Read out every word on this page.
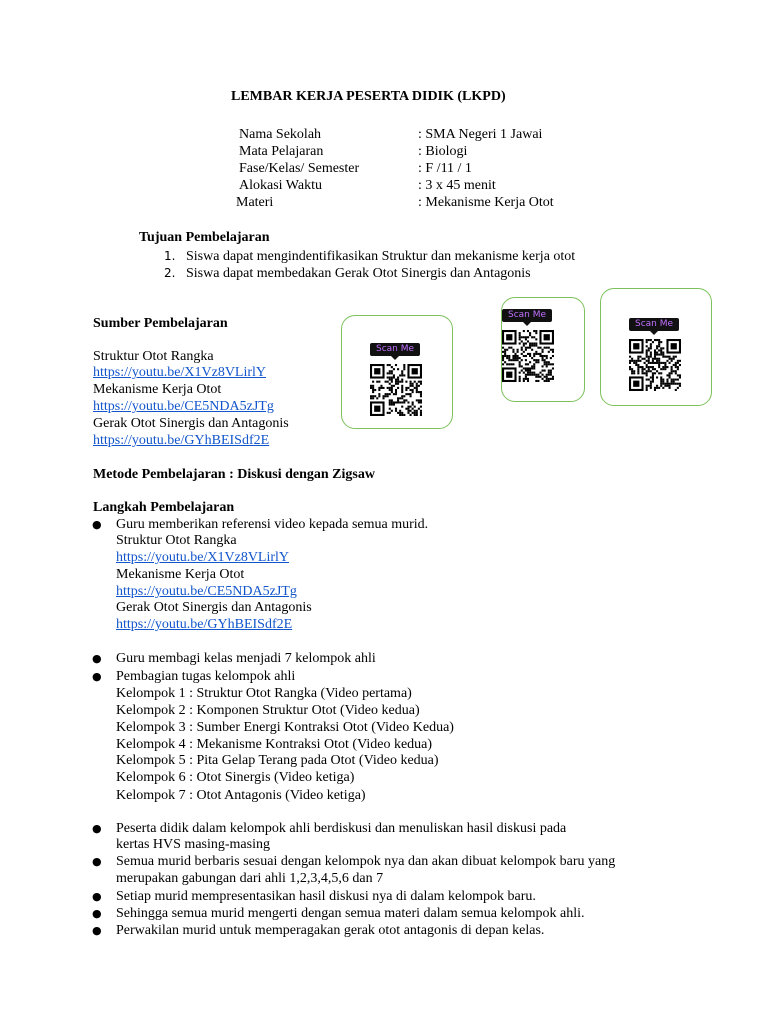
LEMBAR KERJA PESERTA DIDIK (LKPD)
Nama Sekolah	: SMA Negeri 1 Jawai
Mata Pelajaran	: Biologi
Fase/Kelas/ Semester	: F /11 / 1
Alokasi Waktu	: 3 x 45 menit
Materi	: Mekanisme Kerja Otot
Tujuan Pembelajaran
1. Siswa dapat mengindentifikasikan Struktur dan mekanisme kerja otot
2. Siswa dapat membedakan Gerak Otot Sinergis dan Antagonis
Sumber Pembelajaran
Struktur Otot Rangka
https://youtu.be/X1Vz8VLirlY
Mekanisme Kerja Otot
https://youtu.be/CE5NDA5zJTg
Gerak Otot Sinergis dan Antagonis
https://youtu.be/GYhBEISdf2E
Scan Me
Scan Me
Scan Me
Metode Pembelajaran : Diskusi dengan Zigsaw
Langkah Pembelajaran
● Guru memberikan referensi video kepada semua murid.
Struktur Otot Rangka
https://youtu.be/X1Vz8VLirlY
Mekanisme Kerja Otot
https://youtu.be/CE5NDA5zJTg
Gerak Otot Sinergis dan Antagonis
https://youtu.be/GYhBEISdf2E
● Guru membagi kelas menjadi 7 kelompok ahli
● Pembagian tugas kelompok ahli
Kelompok 1 : Struktur Otot Rangka (Video pertama)
Kelompok 2 : Komponen Struktur Otot (Video kedua)
Kelompok 3 : Sumber Energi Kontraksi Otot (Video Kedua)
Kelompok 4 : Mekanisme Kontraksi Otot (Video kedua)
Kelompok 5 : Pita Gelap Terang pada Otot (Video kedua)
Kelompok 6 : Otot Sinergis (Video ketiga)
Kelompok 7 : Otot Antagonis (Video ketiga)
● Peserta didik dalam kelompok ahli berdiskusi dan menuliskan hasil diskusi pada
kertas HVS masing-masing
● Semua murid berbaris sesuai dengan kelompok nya dan akan dibuat kelompok baru yang
merupakan gabungan dari ahli 1,2,3,4,5,6 dan 7
● Setiap murid mempresentasikan hasil diskusi nya di dalam kelompok baru.
● Sehingga semua murid mengerti dengan semua materi dalam semua kelompok ahli.
● Perwakilan murid untuk memperagakan gerak otot antagonis di depan kelas.
